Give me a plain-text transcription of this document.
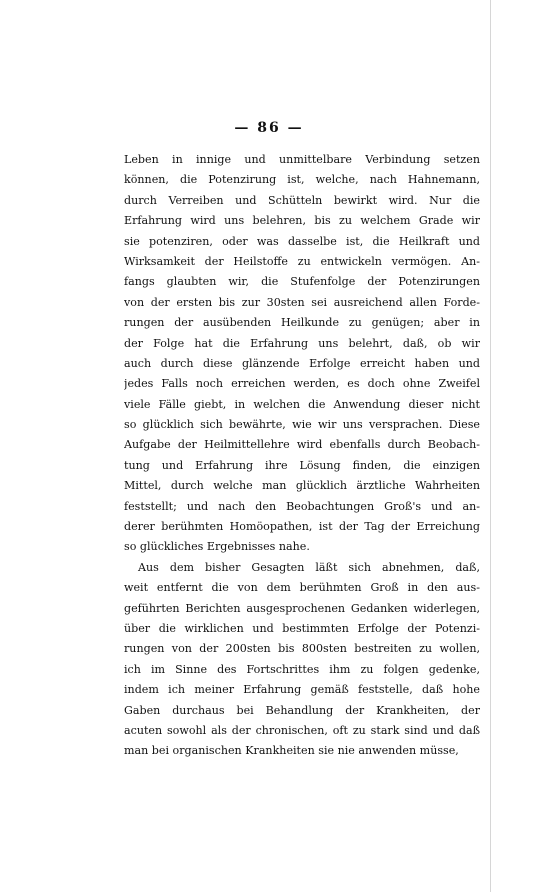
— 86 —
Leben in innige und unmittelbare Verbindung setzen
können, die Potenzirung ist, welche, nach Hahnemann,
durch Verreiben und Schütteln bewirkt wird. Nur die
Erfahrung wird uns belehren, bis zu welchem Grade wir
sie potenziren, oder was dasselbe ist, die Heilkraft und
Wirksamkeit der Heilstoffe zu entwickeln vermögen. An-
fangs glaubten wir, die Stufenfolge der Potenzirungen
von der ersten bis zur 30sten sei ausreichend allen Forde-
rungen der ausübenden Heilkunde zu genügen; aber in
der Folge hat die Erfahrung uns belehrt, daß, ob wir
auch durch diese glänzende Erfolge erreicht haben und
jedes Falls noch erreichen werden, es doch ohne Zweifel
viele Fälle giebt, in welchen die Anwendung dieser nicht
so glücklich sich bewährte, wie wir uns versprachen. Diese
Aufgabe der Heilmittellehre wird ebenfalls durch Beobach-
tung und Erfahrung ihre Lösung finden, die einzigen
Mittel, durch welche man glücklich ärztliche Wahrheiten
feststellt; und nach den Beobachtungen Groß's und an-
derer berühmten Homöopathen, ist der Tag der Erreichung
so glückliches Ergebnisses nahe.
Aus dem bisher Gesagten läßt sich abnehmen, daß,
weit entfernt die von dem berühmten Groß in den aus-
geführten Berichten ausgesprochenen Gedanken widerlegen,
über die wirklichen und bestimmten Erfolge der Potenzi-
rungen von der 200sten bis 800sten bestreiten zu wollen,
ich im Sinne des Fortschrittes ihm zu folgen gedenke,
indem ich meiner Erfahrung gemäß feststelle, daß hohe
Gaben durchaus bei Behandlung der Krankheiten, der
acuten sowohl als der chronischen, oft zu stark sind und daß
man bei organischen Krankheiten sie nie anwenden müsse,
